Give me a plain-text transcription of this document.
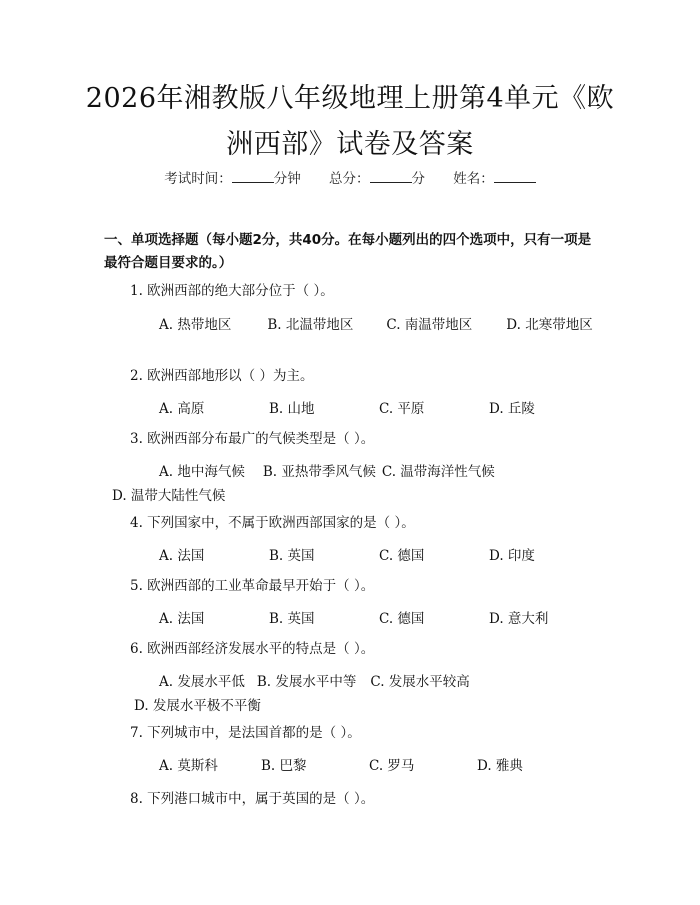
2026年湘教版八年级地理上册第4单元《欧
洲西部》试卷及答案
考试时间：	分钟 总分：	分 姓名：
一、单项选择题（每小题2分，共40分。在每小题列出的四个选项中，只有一项是最符合题目要求的。）
1. 欧洲西部的绝大部分位于（ ）。
A. 热带地区	B. 北温带地区 C. 南温带地区	D. 北寒带地区
2. 欧洲西部地形以（ ）为主。
A. 高原	B. 山地	C. 平原	D. 丘陵
3. 欧洲西部分布最广的气候类型是（ ）。
A. 地中海气候 B. 亚热带季风气候 C. 温带海洋性气候D. 温带大陆性气候
4. 下列国家中，不属于欧洲西部国家的是（ ）。
A. 法国	B. 英国	C. 德国	D. 印度
5. 欧洲西部的工业革命最早开始于（ ）。
A. 法国	B. 英国	C. 德国	D. 意大利
6. 欧洲西部经济发展水平的特点是（ ）。
A. 发展水平低 B. 发展水平中等 C. 发展水平较高D. 发展水平极不平衡
7. 下列城市中，是法国首都的是（ ）。
A. 莫斯科	B. 巴黎	C. 罗马	D. 雅典
8. 下列港口城市中，属于英国的是（ ）。
